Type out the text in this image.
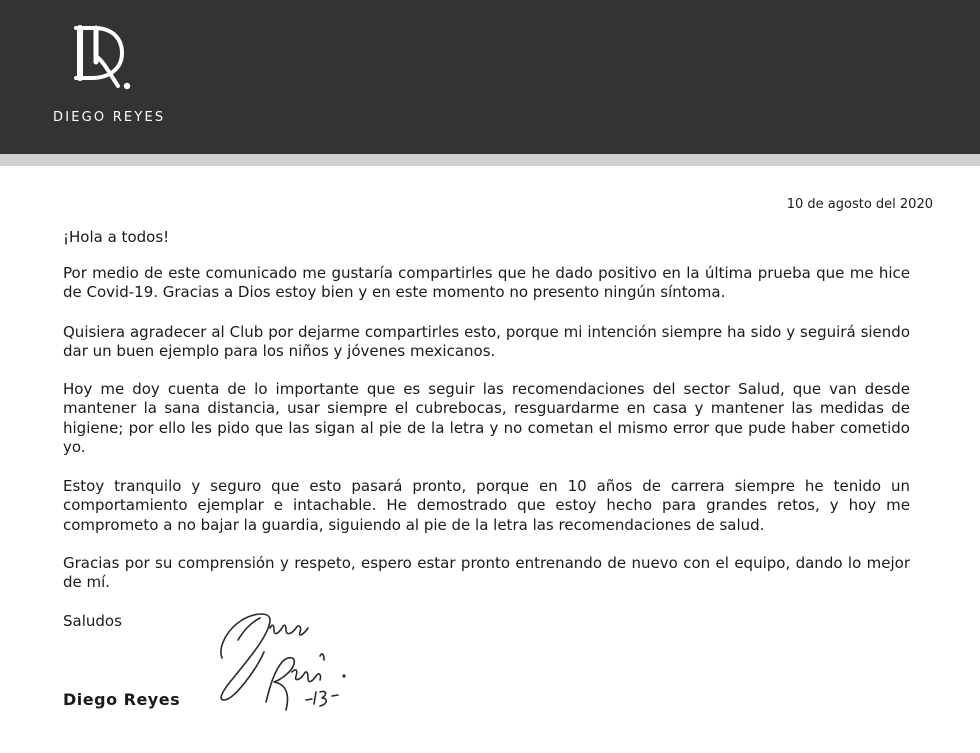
DIEGO REYES
10 de agosto del 2020

¡Hola a todos!

Por medio de este comunicado me gustaría compartirles que he dado positivo en la última prueba que me hice de Covid-19. Gracias a Dios estoy bien y en este momento no presento ningún síntoma.

Quisiera agradecer al Club por dejarme compartirles esto, porque mi intención siempre ha sido y seguirá siendo dar un buen ejemplo para los niños y jóvenes mexicanos.

Hoy me doy cuenta de lo importante que es seguir las recomendaciones del sector Salud, que van desde mantener la sana distancia, usar siempre el cubrebocas, resguardarme en casa y mantener las medidas de higiene; por ello les pido que las sigan al pie de la letra y no cometan el mismo error que pude haber cometido yo.

Estoy tranquilo y seguro que esto pasará pronto, porque en 10 años de carrera siempre he tenido un comportamiento ejemplar e intachable. He demostrado que estoy hecho para grandes retos, y hoy me comprometo a no bajar la guardia, siguiendo al pie de la letra las recomendaciones de salud.

Gracias por su comprensión y respeto, espero estar pronto entrenando de nuevo con el equipo, dando lo mejor de mí.

Saludos

Diego Reyes
